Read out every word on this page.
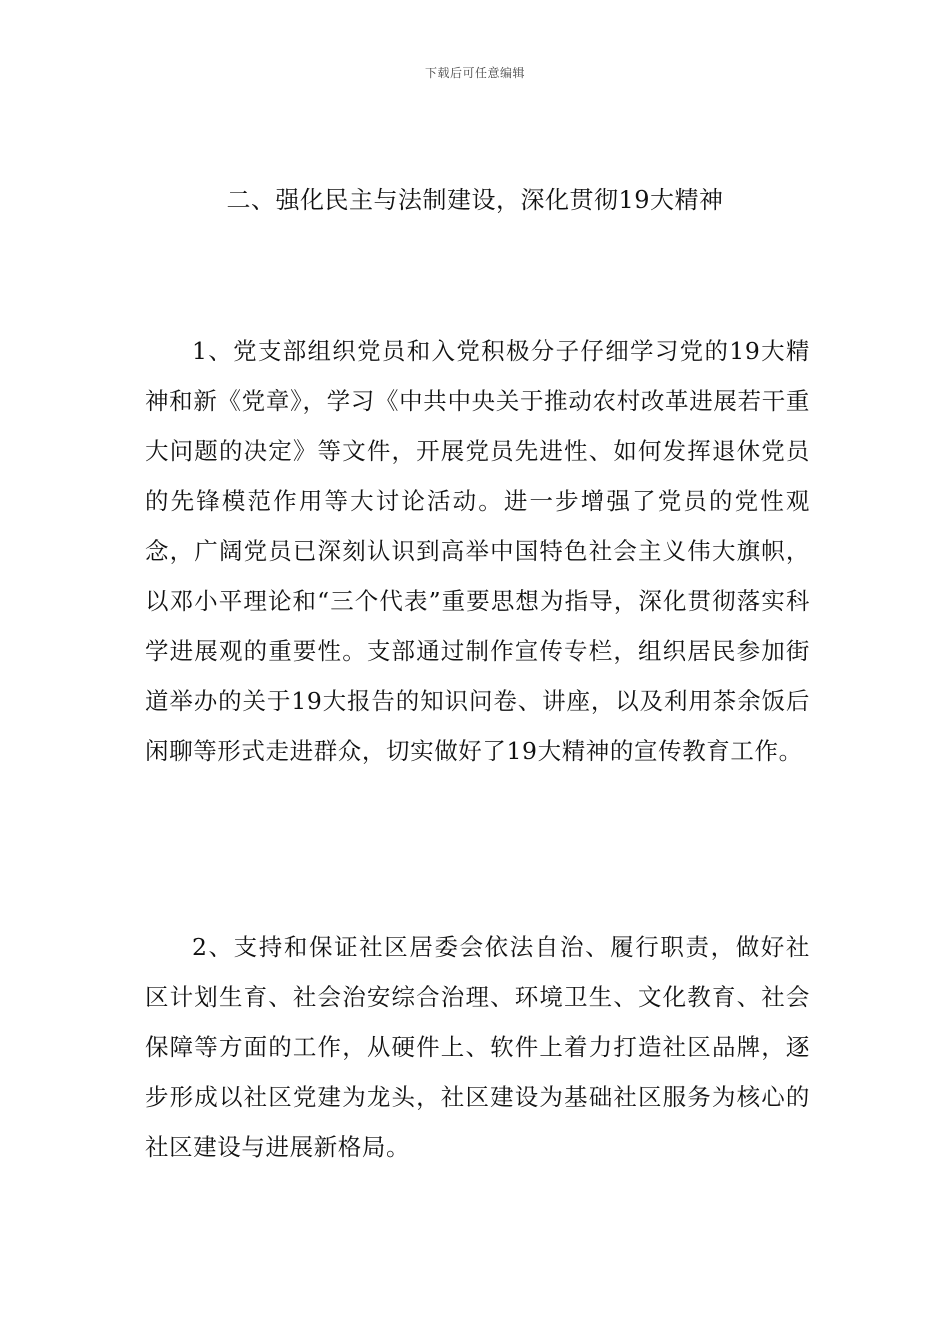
下载后可任意编辑
二、强化民主与法制建设，深化贯彻19大精神

1、党支部组织党员和入党积极分子仔细学习党的19大精神和新《党章》，学习《中共中央关于推动农村改革进展若干重大问题的决定》等文件，开展党员先进性、如何发挥退休党员的先锋模范作用等大讨论活动。进一步增强了党员的党性观念，广阔党员已深刻认识到高举中国特色社会主义伟大旗帜，以邓小平理论和“三个代表”重要思想为指导，深化贯彻落实科学进展观的重要性。支部通过制作宣传专栏，组织居民参加街道举办的关于19大报告的知识问卷、讲座，以及利用茶余饭后闲聊等形式走进群众，切实做好了19大精神的宣传教育工作。

2、支持和保证社区居委会依法自治、履行职责，做好社区计划生育、社会治安综合治理、环境卫生、文化教育、社会保障等方面的工作，从硬件上、软件上着力打造社区品牌，逐步形成以社区党建为龙头，社区建设为基础社区服务为核心的社区建设与进展新格局。
